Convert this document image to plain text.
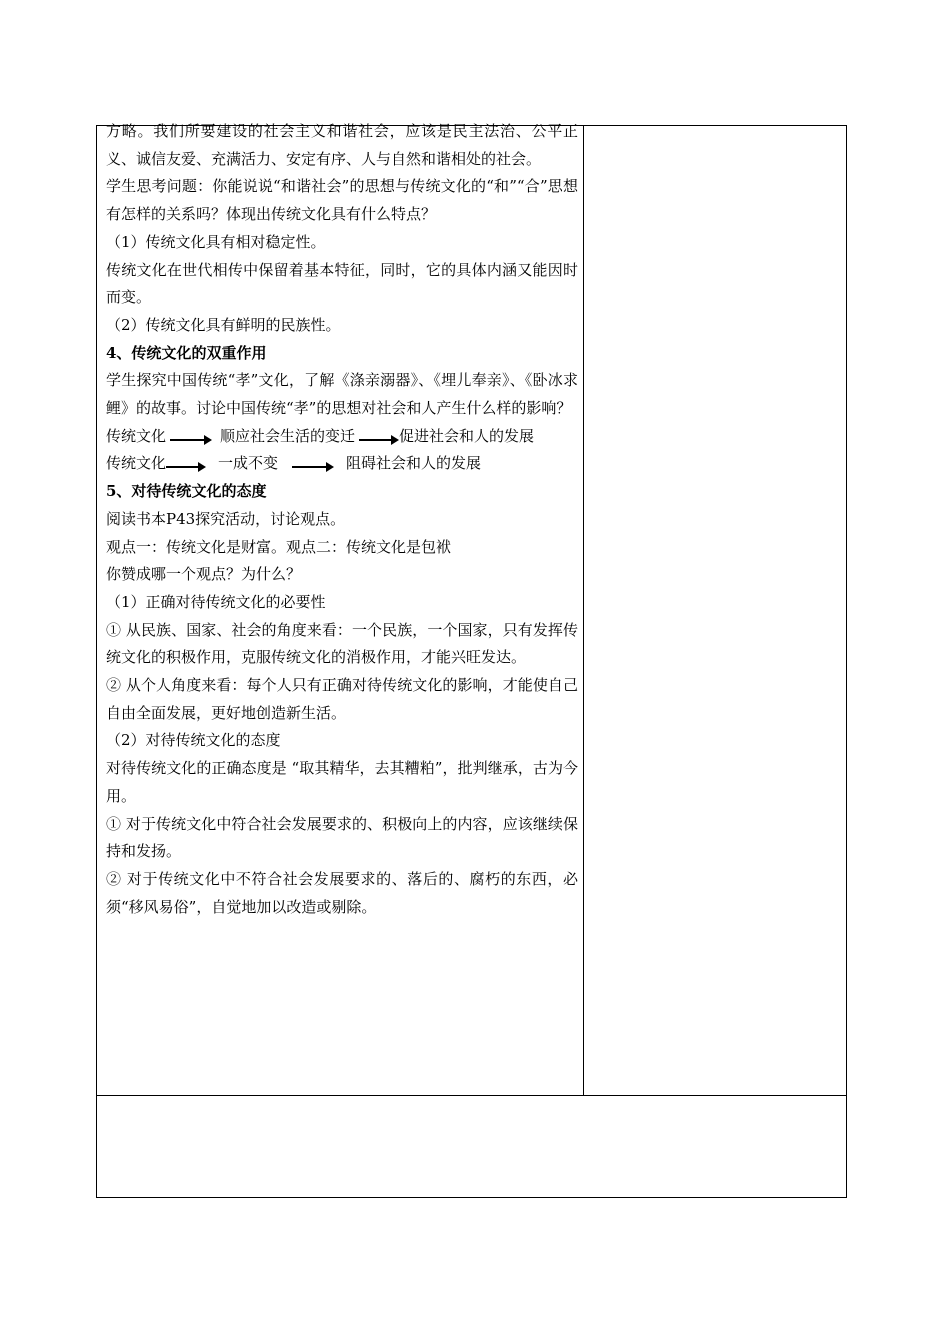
方略。我们所要建设的社会主义和谐社会，应该是民主法治、公平正义、诚信友爱、充满活力、安定有序、人与自然和谐相处的社会。

学生思考问题：你能说说“和谐社会”的思想与传统文化的“和”“合”思想有怎样的关系吗？体现出传统文化具有什么特点？

（1）传统文化具有相对稳定性。

传统文化在世代相传中保留着基本特征，同时，它的具体内涵又能因时而变。

（2）传统文化具有鲜明的民族性。

4、传统文化的双重作用

学生探究中国传统“孝”文化，了解《涤亲溺器》、《埋儿奉亲》、《卧冰求鲤》的故事。讨论中国传统“孝”的思想对社会和人产生什么样的影响？

传统文化	顺应社会生活的变迁	促进社会和人的发展
传统文化	一成不变	阻碍社会和人的发展

5、对待传统文化的态度

阅读书本P43探究活动，讨论观点。

观点一：传统文化是财富。观点二：传统文化是包袱

你赞成哪一个观点？为什么？

（1）正确对待传统文化的必要性

① 从民族、国家、社会的角度来看：一个民族，一个国家，只有发挥传统文化的积极作用，克服传统文化的消极作用，才能兴旺发达。

② 从个人角度来看：每个人只有正确对待传统文化的影响，才能使自己自由全面发展，更好地创造新生活。

（2）对待传统文化的态度

对待传统文化的正确态度是 “取其精华，去其糟粕”，批判继承，古为今用。

① 对于传统文化中符合社会发展要求的、积极向上的内容，应该继续保持和发扬。

② 对于传统文化中不符合社会发展要求的、落后的、腐朽的东西，必须“移风易俗”，自觉地加以改造或剔除。
